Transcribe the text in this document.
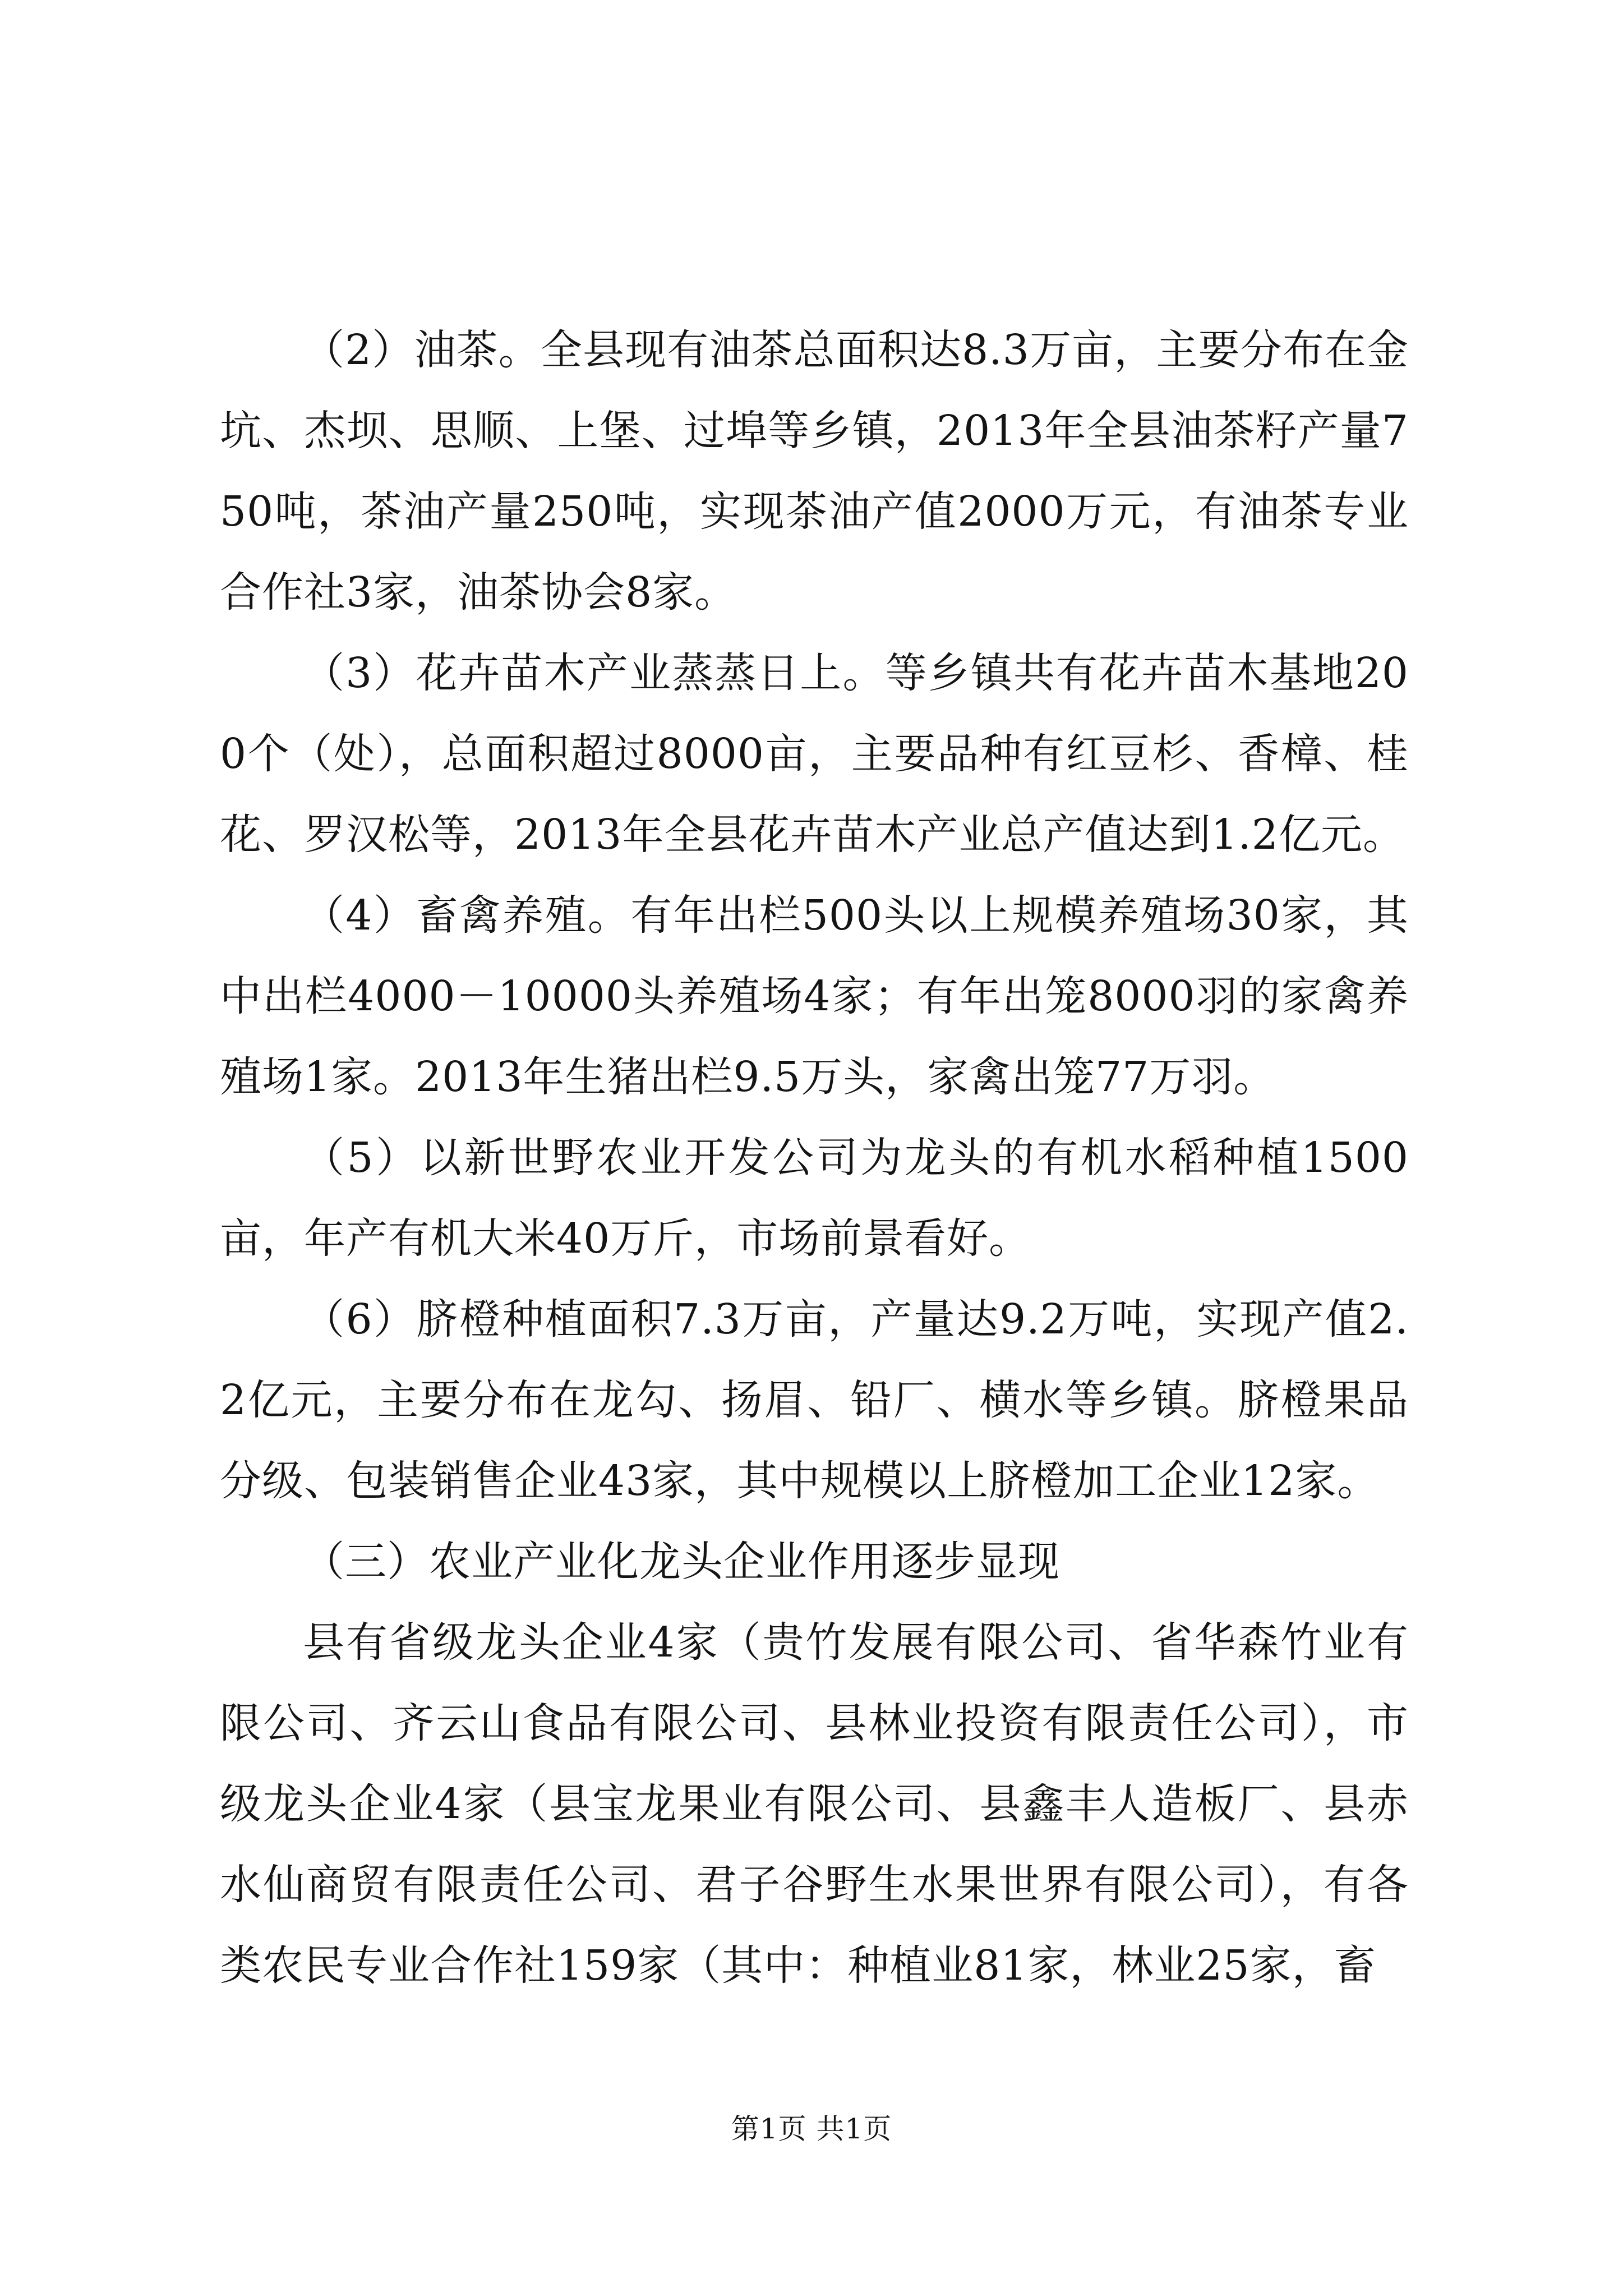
（2）油茶。全县现有油茶总面积达8.3万亩，主要分布在金坑、杰坝、思顺、上堡、过埠等乡镇，2013年全县油茶籽产量750吨，茶油产量250吨，实现茶油产值2000万元，有油茶专业合作社3家，油茶协会8家。

（3）花卉苗木产业蒸蒸日上。等乡镇共有花卉苗木基地200个（处），总面积超过8000亩，主要品种有红豆杉、香樟、桂花、罗汉松等，2013年全县花卉苗木产业总产值达到1.2亿元。

（4）畜禽养殖。有年出栏500头以上规模养殖场30家，其中出栏4000－10000头养殖场4家；有年出笼8000羽的家禽养殖场1家。2013年生猪出栏9.5万头，家禽出笼77万羽。

（5）以新世野农业开发公司为龙头的有机水稻种植1500亩，年产有机大米40万斤，市场前景看好。

（6）脐橙种植面积7.3万亩，产量达9.2万吨，实现产值2.2亿元，主要分布在龙勾、扬眉、铅厂、横水等乡镇。脐橙果品分级、包装销售企业43家，其中规模以上脐橙加工企业12家。

（三）农业产业化龙头企业作用逐步显现

县有省级龙头企业4家（贵竹发展有限公司、省华森竹业有限公司、齐云山食品有限公司、县林业投资有限责任公司），市级龙头企业4家（县宝龙果业有限公司、县鑫丰人造板厂、县赤水仙商贸有限责任公司、君子谷野生水果世界有限公司），有各类农民专业合作社159家（其中：种植业81家，林业25家，畜

第1页 共1页
